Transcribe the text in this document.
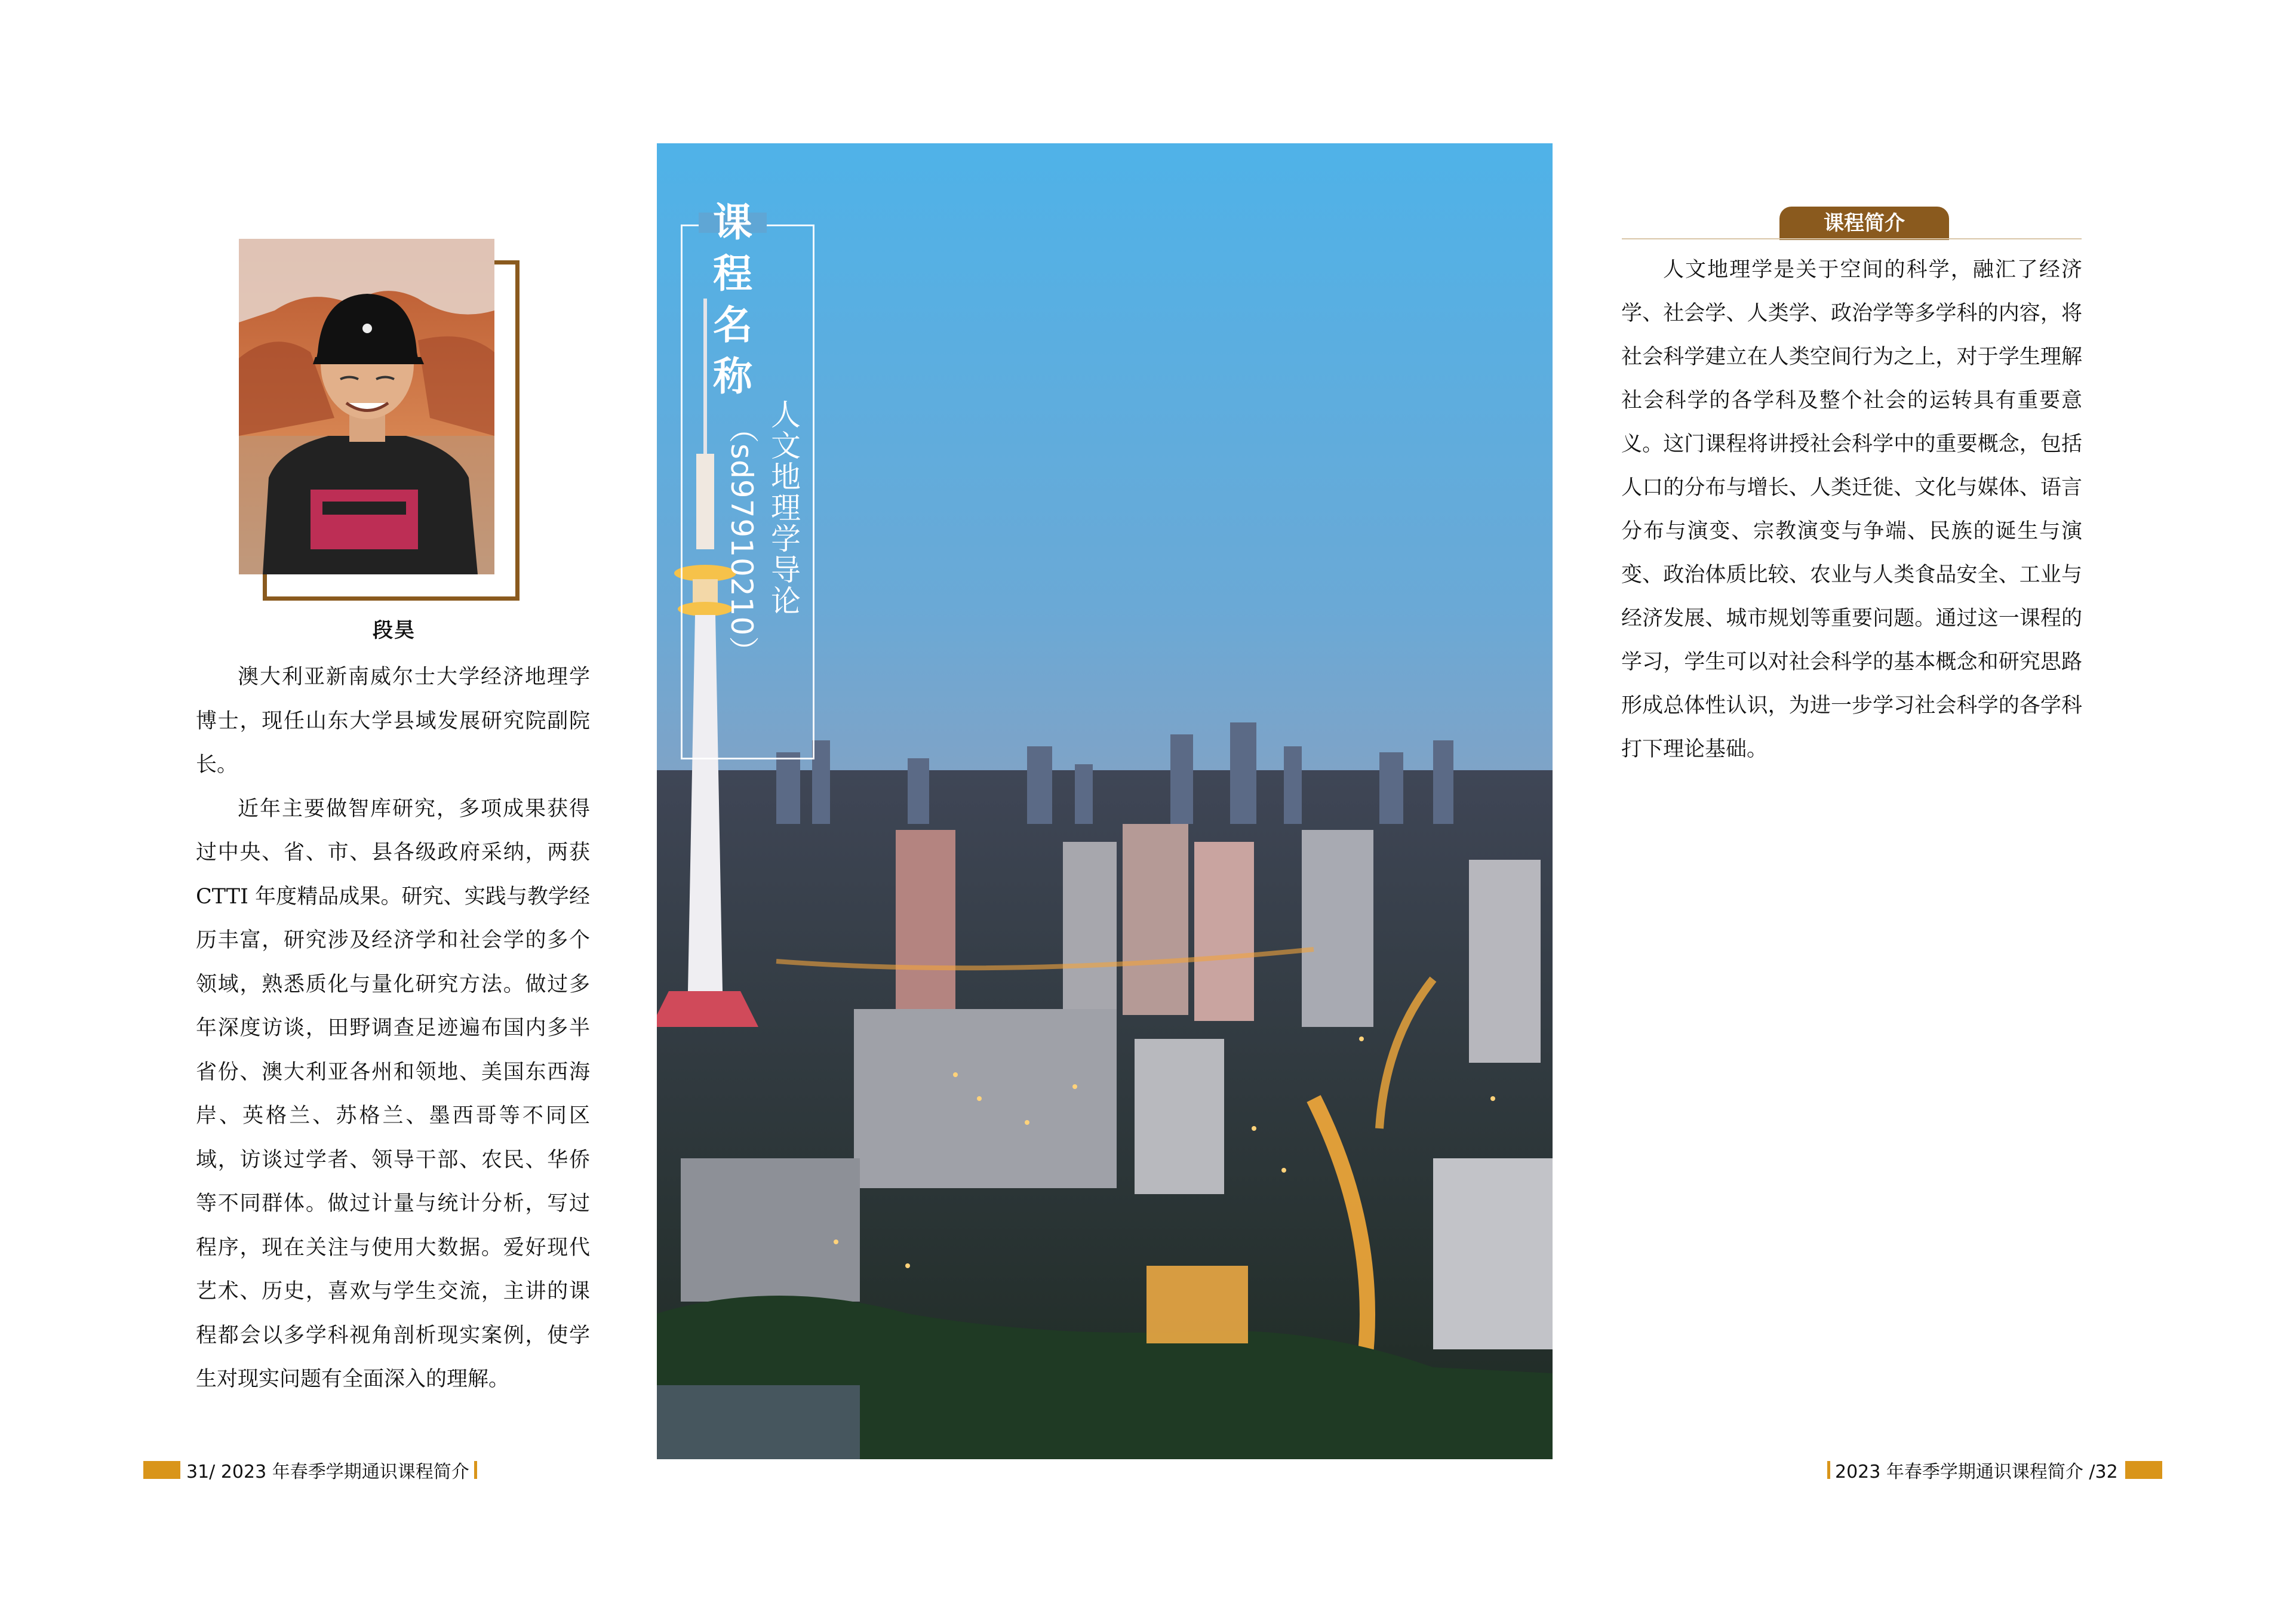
段昊

澳大利亚新南威尔士大学经济地理学博士，现任山东大学县域发展研究院副院长。

近年主要做智库研究，多项成果获得过中央、省、市、县各级政府采纳，两获 CTTI 年度精品成果。研究、实践与教学经历丰富，研究涉及经济学和社会学的多个领域，熟悉质化与量化研究方法。做过多年深度访谈，田野调查足迹遍布国内多半省份、澳大利亚各州和领地、美国东西海岸、英格兰、苏格兰、墨西哥等不同区域，访谈过学者、领导干部、农民、华侨等不同群体。做过计量与统计分析，写过程序，现在关注与使用大数据。爱好现代艺术、历史，喜欢与学生交流，主讲的课程都会以多学科视角剖析现实案例，使学生对现实问题有全面深入的理解。

课
程
名
称
人文地理学导论
（sd97910210）
课程简介

人文地理学是关于空间的科学，融汇了经济学、社会学、人类学、政治学等多学科的内容，将社会科学建立在人类空间行为之上，对于学生理解社会科学的各学科及整个社会的运转具有重要意义。这门课程将讲授社会科学中的重要概念，包括人口的分布与增长、人类迁徙、文化与媒体、语言分布与演变、宗教演变与争端、民族的诞生与演变、政治体质比较、农业与人类食品安全、工业与经济发展、城市规划等重要问题。通过这一课程的学习，学生可以对社会科学的基本概念和研究思路形成总体性认识，为进一步学习社会科学的各学科打下理论基础。

31/ 2023 年春季学期通识课程简介	2023 年春季学期通识课程简介 /32
